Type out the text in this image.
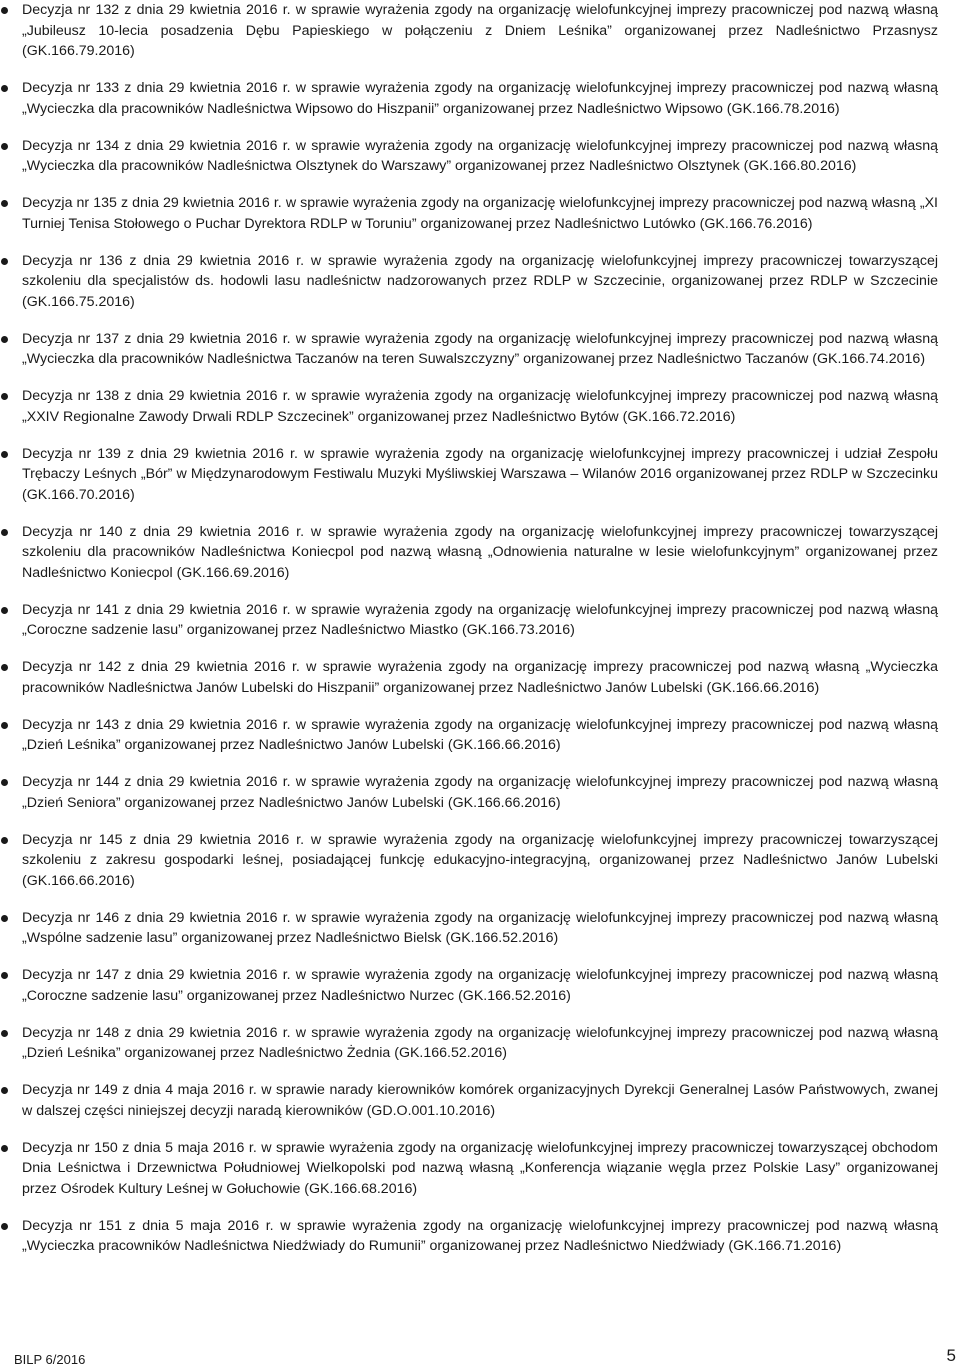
Decyzja nr 132 z dnia 29 kwietnia 2016 r. w sprawie wyrażenia zgody na organizację wielofunkcyjnej imprezy pracowniczej pod nazwą własną „Jubileusz 10-lecia posadzenia Dębu Papieskiego w połączeniu z Dniem Leśnika” organizowanej przez Nadleśnictwo Przasnysz (GK.166.79.2016)
Decyzja nr 133 z dnia 29 kwietnia 2016 r. w sprawie wyrażenia zgody na organizację wielofunkcyjnej imprezy pracowniczej pod nazwą własną „Wycieczka dla pracowników Nadleśnictwa Wipsowo do Hiszpanii” organizowanej przez Nadleśnictwo Wipsowo (GK.166.78.2016)
Decyzja nr 134 z dnia 29 kwietnia 2016 r. w sprawie wyrażenia zgody na organizację wielofunkcyjnej imprezy pracowniczej pod nazwą własną „Wycieczka dla pracowników Nadleśnictwa Olsztynek do Warszawy” organizowanej przez Nadleśnictwo Olsztynek (GK.166.80.2016)
Decyzja nr 135 z dnia 29 kwietnia 2016 r. w sprawie wyrażenia zgody na organizację wielofunkcyjnej imprezy pracowniczej pod nazwą własną „XI Turniej Tenisa Stołowego o Puchar Dyrektora RDLP w Toruniu” organizowanej przez Nadleśnictwo Lutówko (GK.166.76.2016)
Decyzja nr 136 z dnia 29 kwietnia 2016 r. w sprawie wyrażenia zgody na organizację wielofunkcyjnej imprezy pracowniczej towarzyszącej szkoleniu dla specjalistów ds. hodowli lasu nadleśnictw nadzorowanych przez RDLP w Szczecinie, organizowanej przez RDLP w Szczecinie (GK.166.75.2016)
Decyzja nr 137 z dnia 29 kwietnia 2016 r. w sprawie wyrażenia zgody na organizację wielofunkcyjnej imprezy pracowniczej pod nazwą własną „Wycieczka dla pracowników Nadleśnictwa Taczanów na teren Suwalszczyzny” organizowanej przez Nadleśnictwo Taczanów (GK.166.74.2016)
Decyzja nr 138 z dnia 29 kwietnia 2016 r. w sprawie wyrażenia zgody na organizację wielofunkcyjnej imprezy pracowniczej pod nazwą własną „XXIV Regionalne Zawody Drwali RDLP Szczecinek” organizowanej przez Nadleśnictwo Bytów (GK.166.72.2016)
Decyzja nr 139 z dnia 29 kwietnia 2016 r. w sprawie wyrażenia zgody na organizację wielofunkcyjnej imprezy pracowniczej i udział Zespołu Trębaczy Leśnych „Bór” w Międzynarodowym Festiwalu Muzyki Myśliwskiej Warszawa – Wilanów 2016 organizowanej przez RDLP w Szczecinku (GK.166.70.2016)
Decyzja nr 140 z dnia 29 kwietnia 2016 r. w sprawie wyrażenia zgody na organizację wielofunkcyjnej imprezy pracowniczej towarzyszącej szkoleniu dla pracowników Nadleśnictwa Koniecpol pod nazwą własną „Odnowienia naturalne w lesie wielofunkcyjnym” organizowanej przez Nadleśnictwo Koniecpol (GK.166.69.2016)
Decyzja nr 141 z dnia 29 kwietnia 2016 r. w sprawie wyrażenia zgody na organizację wielofunkcyjnej imprezy pracowniczej pod nazwą własną „Coroczne sadzenie lasu” organizowanej przez Nadleśnictwo Miastko (GK.166.73.2016)
Decyzja nr 142 z dnia 29 kwietnia 2016 r. w sprawie wyrażenia zgody na organizację imprezy pracowniczej pod nazwą własną „Wycieczka pracowników Nadleśnictwa Janów Lubelski do Hiszpanii” organizowanej przez Nadleśnictwo Janów Lubelski (GK.166.66.2016)
Decyzja nr 143 z dnia 29 kwietnia 2016 r. w sprawie wyrażenia zgody na organizację wielofunkcyjnej imprezy pracowniczej pod nazwą własną „Dzień Leśnika” organizowanej przez Nadleśnictwo Janów Lubelski (GK.166.66.2016)
Decyzja nr 144 z dnia 29 kwietnia 2016 r. w sprawie wyrażenia zgody na organizację wielofunkcyjnej imprezy pracowniczej pod nazwą własną „Dzień Seniora” organizowanej przez Nadleśnictwo Janów Lubelski (GK.166.66.2016)
Decyzja nr 145 z dnia 29 kwietnia 2016 r. w sprawie wyrażenia zgody na organizację wielofunkcyjnej imprezy pracowniczej towarzyszącej szkoleniu z zakresu gospodarki leśnej, posiadającej funkcję edukacyjno-integracyjną, organizowanej przez Nadleśnictwo Janów Lubelski (GK.166.66.2016)
Decyzja nr 146 z dnia 29 kwietnia 2016 r. w sprawie wyrażenia zgody na organizację wielofunkcyjnej imprezy pracowniczej pod nazwą własną „Wspólne sadzenie lasu” organizowanej przez Nadleśnictwo Bielsk (GK.166.52.2016)
Decyzja nr 147 z dnia 29 kwietnia 2016 r. w sprawie wyrażenia zgody na organizację wielofunkcyjnej imprezy pracowniczej pod nazwą własną „Coroczne sadzenie lasu” organizowanej przez Nadleśnictwo Nurzec (GK.166.52.2016)
Decyzja nr 148 z dnia 29 kwietnia 2016 r. w sprawie wyrażenia zgody na organizację wielofunkcyjnej imprezy pracowniczej pod nazwą własną „Dzień Leśnika” organizowanej przez Nadleśnictwo Żednia (GK.166.52.2016)
Decyzja nr 149 z dnia 4 maja 2016 r. w sprawie narady kierowników komórek organizacyjnych Dyrekcji Generalnej Lasów Państwowych, zwanej w dalszej części niniejszej decyzji naradą kierowników (GD.O.001.10.2016)
Decyzja nr 150 z dnia 5 maja 2016 r. w sprawie wyrażenia zgody na organizację wielofunkcyjnej imprezy pracowniczej towarzyszącej obchodom Dnia Leśnictwa i Drzewnictwa Południowej Wielkopolski pod nazwą własną „Konferencja wiązanie węgla przez Polskie Lasy” organizowanej przez Ośrodek Kultury Leśnej w Gołuchowie (GK.166.68.2016)
Decyzja nr 151 z dnia 5 maja 2016 r. w sprawie wyrażenia zgody na organizację wielofunkcyjnej imprezy pracowniczej pod nazwą własną „Wycieczka pracowników Nadleśnictwa Niedźwiady do Rumunii” organizowanej przez Nadleśnictwo Niedźwiady (GK.166.71.2016)
BILP 6/2016	5
